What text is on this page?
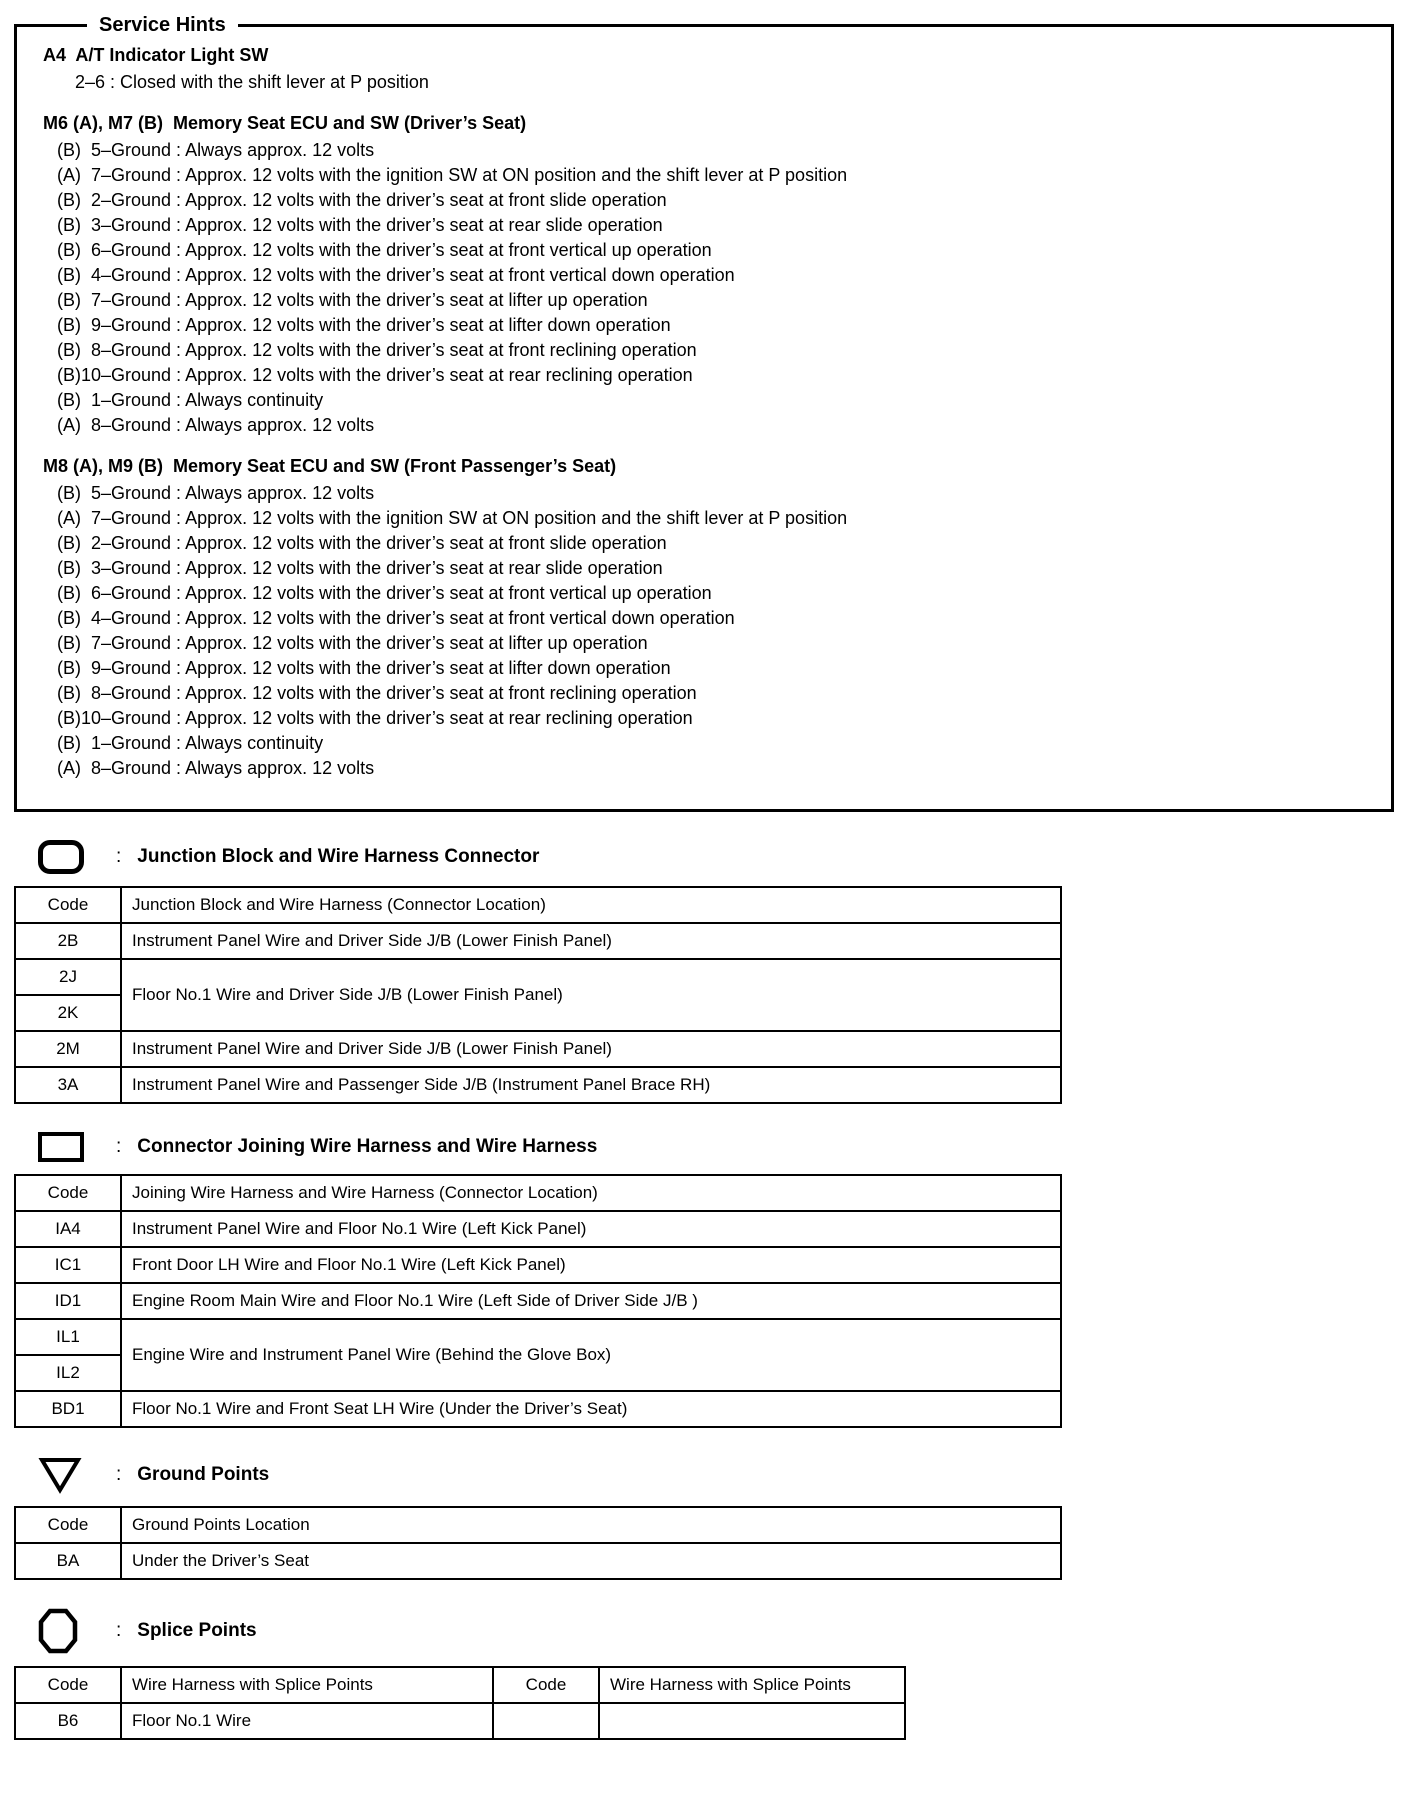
Service Hints
A4  A/T Indicator Light SW
2–6 : Closed with the shift lever at P position
M6 (A), M7 (B)  Memory Seat ECU and SW (Driver’s Seat)
(B)  5–Ground : Always approx. 12 volts
(A)  7–Ground : Approx. 12 volts with the ignition SW at ON position and the shift lever at P position
(B)  2–Ground : Approx. 12 volts with the driver’s seat at front slide operation
(B)  3–Ground : Approx. 12 volts with the driver’s seat at rear slide operation
(B)  6–Ground : Approx. 12 volts with the driver’s seat at front vertical up operation
(B)  4–Ground : Approx. 12 volts with the driver’s seat at front vertical down operation
(B)  7–Ground : Approx. 12 volts with the driver’s seat at lifter up operation
(B)  9–Ground : Approx. 12 volts with the driver’s seat at lifter down operation
(B)  8–Ground : Approx. 12 volts with the driver’s seat at front reclining operation
(B)10–Ground : Approx. 12 volts with the driver’s seat at rear reclining operation
(B)  1–Ground : Always continuity
(A)  8–Ground : Always approx. 12 volts
M8 (A), M9 (B)  Memory Seat ECU and SW (Front Passenger’s Seat)
(B)  5–Ground : Always approx. 12 volts
(A)  7–Ground : Approx. 12 volts with the ignition SW at ON position and the shift lever at P position
(B)  2–Ground : Approx. 12 volts with the driver’s seat at front slide operation
(B)  3–Ground : Approx. 12 volts with the driver’s seat at rear slide operation
(B)  6–Ground : Approx. 12 volts with the driver’s seat at front vertical up operation
(B)  4–Ground : Approx. 12 volts with the driver’s seat at front vertical down operation
(B)  7–Ground : Approx. 12 volts with the driver’s seat at lifter up operation
(B)  9–Ground : Approx. 12 volts with the driver’s seat at lifter down operation
(B)  8–Ground : Approx. 12 volts with the driver’s seat at front reclining operation
(B)10–Ground : Approx. 12 volts with the driver’s seat at rear reclining operation
(B)  1–Ground : Always continuity
(A)  8–Ground : Always approx. 12 volts
: Junction Block and Wire Harness Connector
Code	Junction Block and Wire Harness (Connector Location)
2B	Instrument Panel Wire and Driver Side J/B (Lower Finish Panel)
2J	Floor No.1 Wire and Driver Side J/B (Lower Finish Panel)
2K	
2M	Instrument Panel Wire and Driver Side J/B (Lower Finish Panel)
3A	Instrument Panel Wire and Passenger Side J/B (Instrument Panel Brace RH)
: Connector Joining Wire Harness and Wire Harness
Code	Joining Wire Harness and Wire Harness (Connector Location)
IA4	Instrument Panel Wire and Floor No.1 Wire (Left Kick Panel)
IC1	Front Door LH Wire and Floor No.1 Wire (Left Kick Panel)
ID1	Engine Room Main Wire and Floor No.1 Wire (Left Side of Driver Side J/B )
IL1	Engine Wire and Instrument Panel Wire (Behind the Glove Box)
IL2	
BD1	Floor No.1 Wire and Front Seat LH Wire (Under the Driver’s Seat)
: Ground Points
Code	Ground Points Location
BA	Under the Driver’s Seat
: Splice Points
Code	Wire Harness with Splice Points	Code	Wire Harness with Splice Points
B6	Floor No.1 Wire		
